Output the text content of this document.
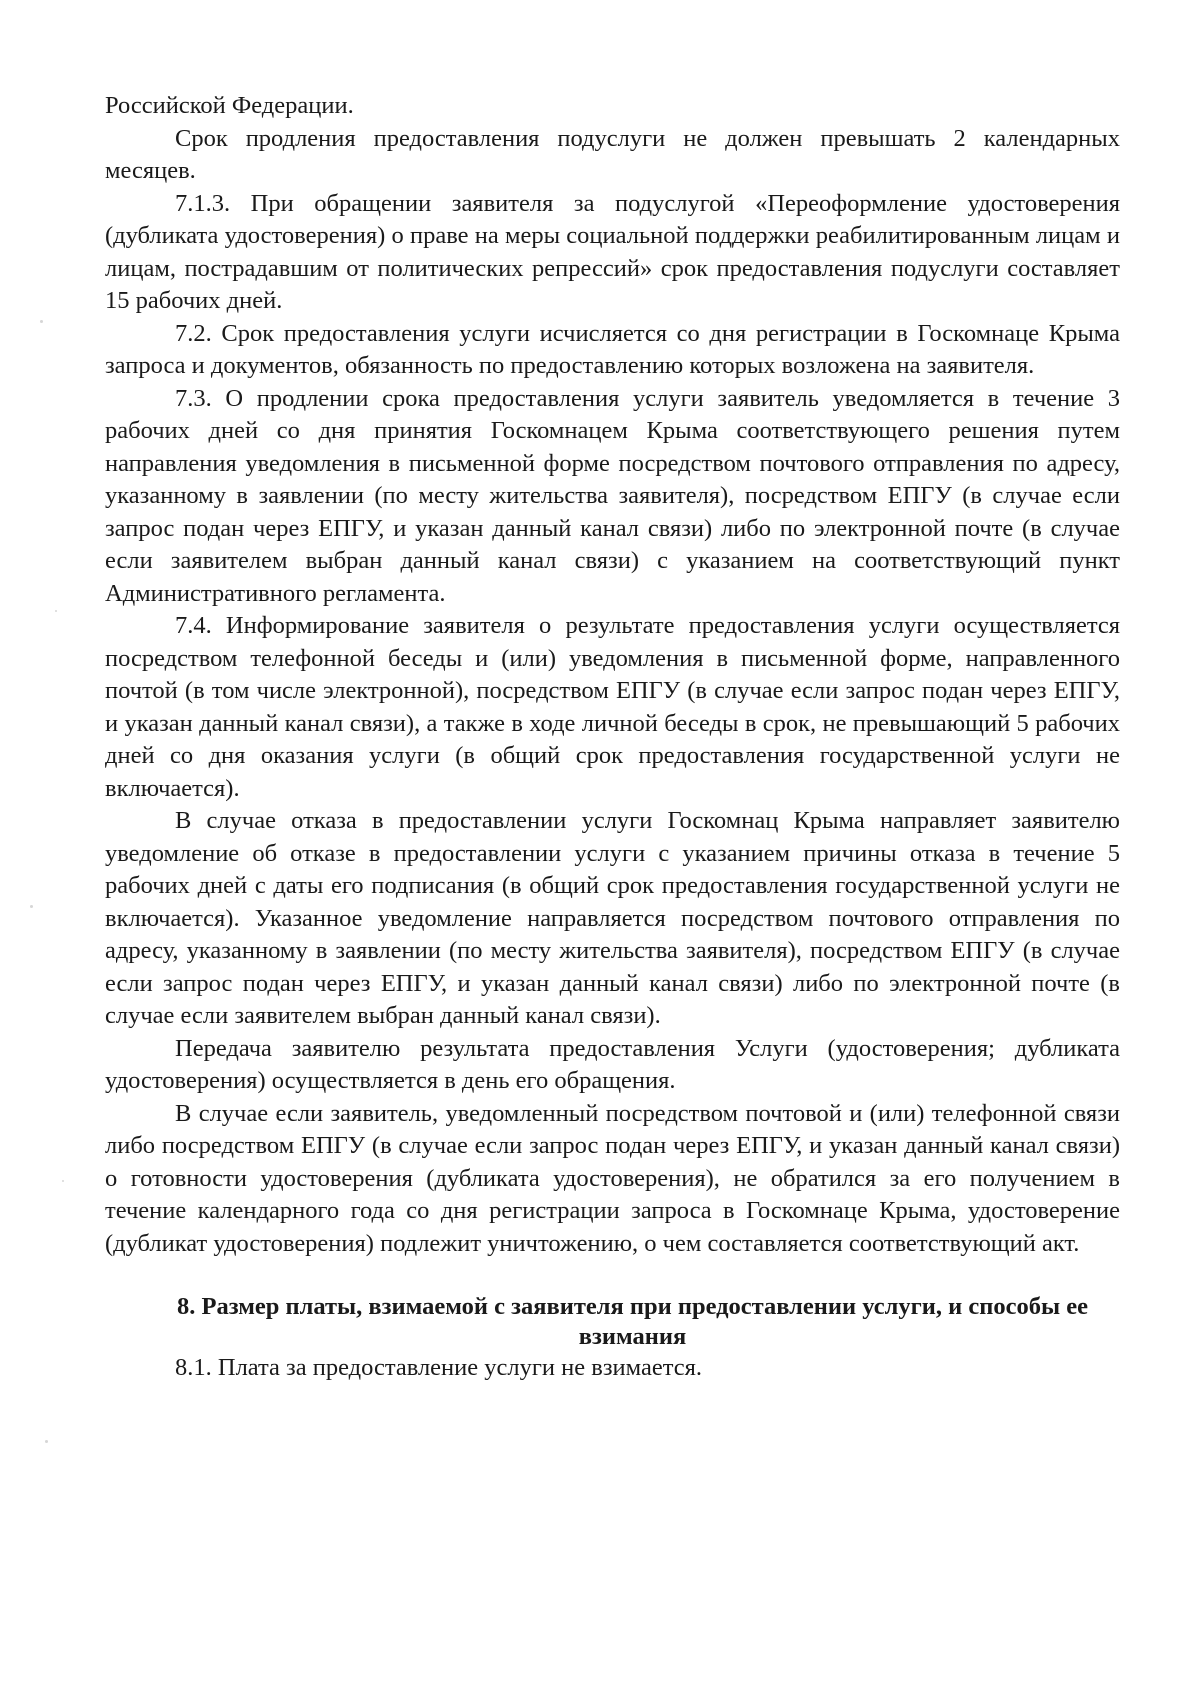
Российской Федерации.

Срок продления предоставления подуслуги не должен превышать 2 календарных месяцев.

7.1.3. При обращении заявителя за подуслугой «Переоформление удостоверения (дубликата удостоверения) о праве на меры социальной поддержки реабилитированным лицам и лицам, пострадавшим от политических репрессий» срок предоставления подуслуги составляет 15 рабочих дней.

7.2. Срок предоставления услуги исчисляется со дня регистрации в Госкомнаце Крыма запроса и документов, обязанность по предоставлению которых возложена на заявителя.

7.3. О продлении срока предоставления услуги заявитель уведомляется в течение 3 рабочих дней со дня принятия Госкомнацем Крыма соответствующего решения путем направления уведомления в письменной форме посредством почтового отправления по адресу, указанному в заявлении (по месту жительства заявителя), посредством ЕПГУ (в случае если запрос подан через ЕПГУ, и указан данный канал связи) либо по электронной почте (в случае если заявителем выбран данный канал связи) с указанием на соответствующий пункт Административного регламента.

7.4. Информирование заявителя о результате предоставления услуги осуществляется посредством телефонной беседы и (или) уведомления в письменной форме, направленного почтой (в том числе электронной), посредством ЕПГУ (в случае если запрос подан через ЕПГУ, и указан данный канал связи), а также в ходе личной беседы в срок, не превышающий 5 рабочих дней со дня оказания услуги (в общий срок предоставления государственной услуги не включается).

В случае отказа в предоставлении услуги Госкомнац Крыма направляет заявителю уведомление об отказе в предоставлении услуги с указанием причины отказа в течение 5 рабочих дней с даты его подписания (в общий срок предоставления государственной услуги не включается). Указанное уведомление направляется посредством почтового отправления по адресу, указанному в заявлении (по месту жительства заявителя), посредством ЕПГУ (в случае если запрос подан через ЕПГУ, и указан данный канал связи) либо по электронной почте (в случае если заявителем выбран данный канал связи).

Передача заявителю результата предоставления Услуги (удостоверения; дубликата удостоверения) осуществляется в день его обращения.

В случае если заявитель, уведомленный посредством почтовой и (или) телефонной связи либо посредством ЕПГУ (в случае если запрос подан через ЕПГУ, и указан данный канал связи) о готовности удостоверения (дубликата удостоверения), не обратился за его получением в течение календарного года со дня регистрации запроса в Госкомнаце Крыма, удостоверение (дубликат удостоверения) подлежит уничтожению, о чем составляется соответствующий акт.

8. Размер платы, взимаемой с заявителя при предоставлении услуги, и способы ее взимания

8.1. Плата за предоставление услуги не взимается.
